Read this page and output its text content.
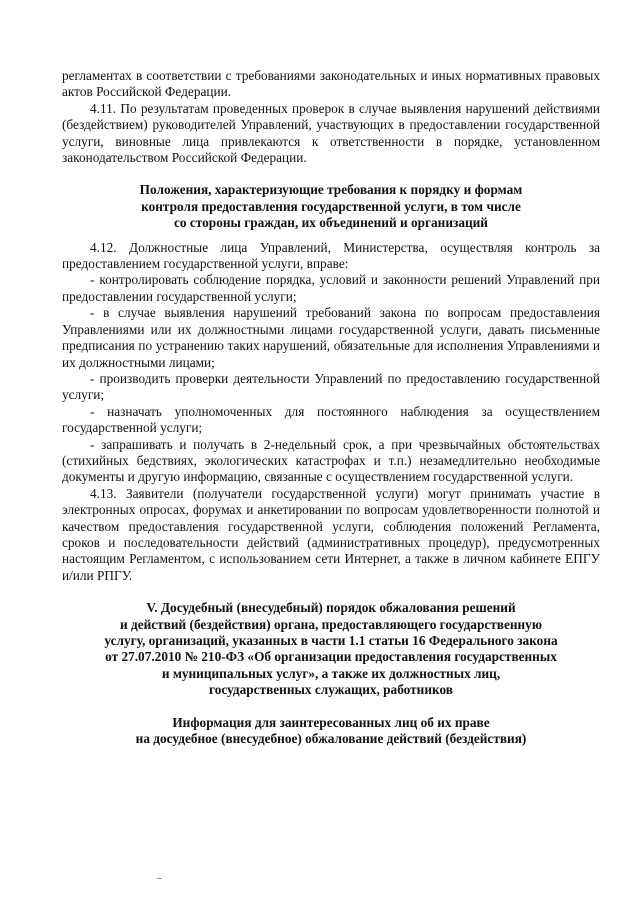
регламентах в соответствии с требованиями законодательных и иных нормативных правовых актов Российской Федерации.

4.11. По результатам проведенных проверок в случае выявления нарушений действиями (бездействием) руководителей Управлений, участвующих в предоставлении государственной услуги, виновные лица привлекаются к ответственности в порядке, установленном законодательством Российской Федерации.

Положения, характеризующие требования к порядку и формам

контроля предоставления государственной услуги, в том числе

со стороны граждан, их объединений и организаций

4.12. Должностные лица Управлений, Министерства, осуществляя контроль за предоставлением государственной услуги, вправе:

- контролировать соблюдение порядка, условий и законности решений Управлений при предоставлении государственной услуги;

- в случае выявления нарушений требований закона по вопросам предоставления Управлениями или их должностными лицами государственной услуги, давать письменные предписания по устранению таких нарушений, обязательные для исполнения Управлениями и их должностными лицами;

- производить проверки деятельности Управлений по предоставлению государственной услуги;

- назначать уполномоченных для постоянного наблюдения за осуществлением государственной услуги;

- запрашивать и получать в 2-недельный срок, а при чрезвычайных обстоятельствах (стихийных бедствиях, экологических катастрофах и т.п.) незамедлительно необходимые документы и другую информацию, связанные с осуществлением государственной услуги.

4.13. Заявители (получатели государственной услуги) могут принимать участие в электронных опросах, форумах и анкетировании по вопросам удовлетворенности полнотой и качеством предоставления государственной услуги, соблюдения положений Регламента, сроков и последовательности действий (административных процедур), предусмотренных настоящим Регламентом, с использованием сети Интернет, а также в личном кабинете ЕПГУ и/или РПГУ.

V. Досудебный (внесудебный) порядок обжалования решений

и действий (бездействия) органа, предоставляющего государственную

услугу, организаций, указанных в части 1.1 статьи 16 Федерального закона

от 27.07.2010 № 210-ФЗ «Об организации предоставления государственных

и муниципальных услуг», а также их должностных лиц,

государственных служащих, работников

Информация для заинтересованных лиц об их праве

на досудебное (внесудебное) обжалование действий (бездействия)
